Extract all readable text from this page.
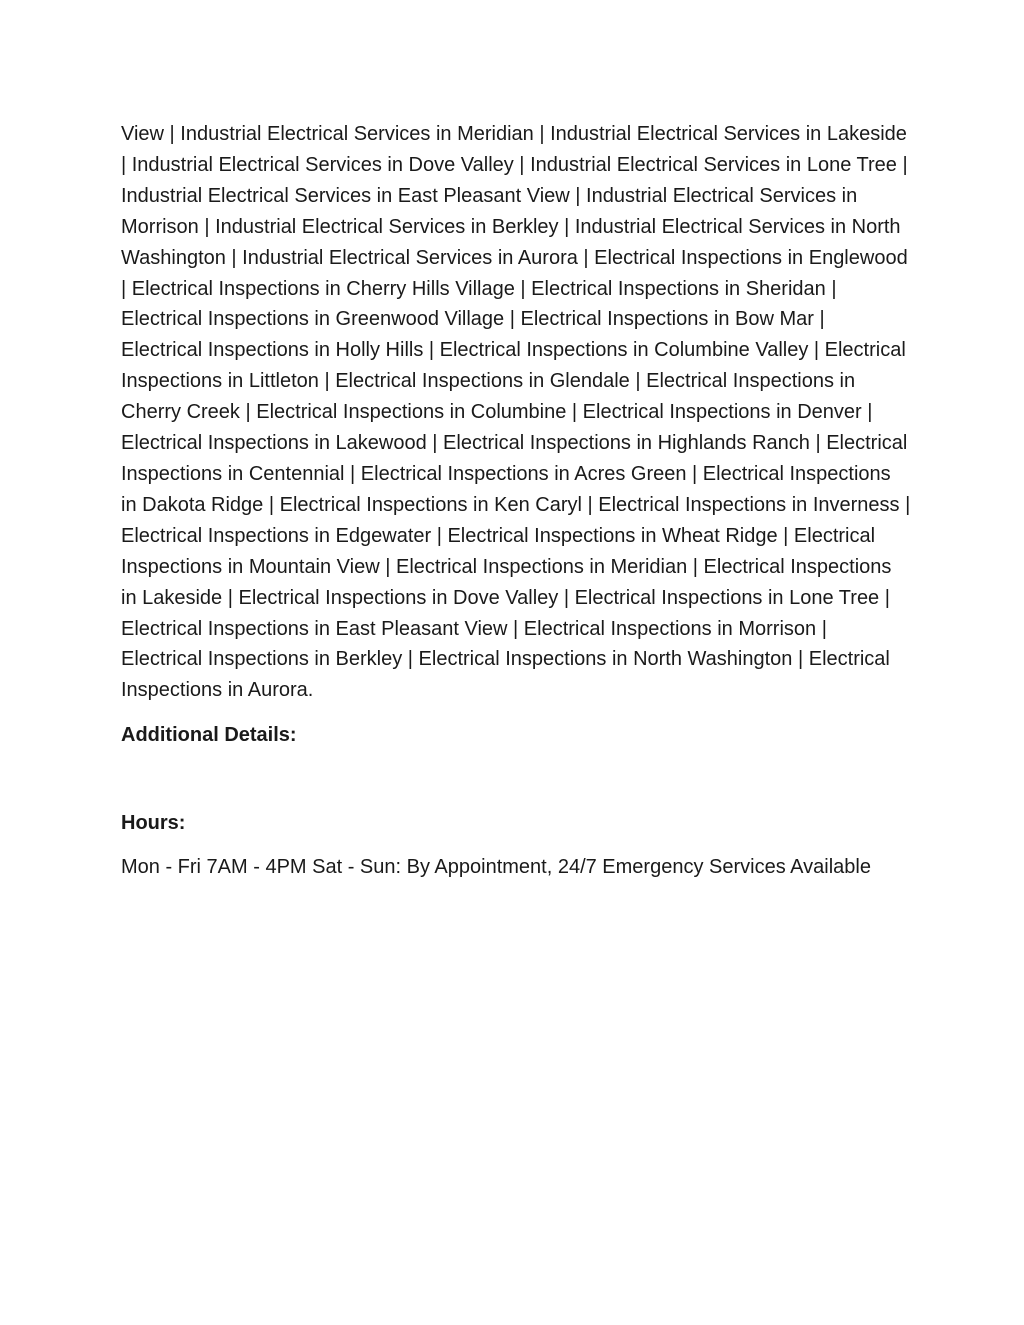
View | Industrial Electrical Services in Meridian | Industrial Electrical Services in Lakeside | Industrial Electrical Services in Dove Valley | Industrial Electrical Services in Lone Tree | Industrial Electrical Services in East Pleasant View | Industrial Electrical Services in Morrison | Industrial Electrical Services in Berkley | Industrial Electrical Services in North Washington | Industrial Electrical Services in Aurora | Electrical Inspections in Englewood | Electrical Inspections in Cherry Hills Village | Electrical Inspections in Sheridan | Electrical Inspections in Greenwood Village | Electrical Inspections in Bow Mar | Electrical Inspections in Holly Hills | Electrical Inspections in Columbine Valley | Electrical Inspections in Littleton | Electrical Inspections in Glendale | Electrical Inspections in Cherry Creek | Electrical Inspections in Columbine | Electrical Inspections in Denver | Electrical Inspections in Lakewood | Electrical Inspections in Highlands Ranch | Electrical Inspections in Centennial | Electrical Inspections in Acres Green | Electrical Inspections in Dakota Ridge | Electrical Inspections in Ken Caryl | Electrical Inspections in Inverness | Electrical Inspections in Edgewater | Electrical Inspections in Wheat Ridge | Electrical Inspections in Mountain View | Electrical Inspections in Meridian | Electrical Inspections in Lakeside | Electrical Inspections in Dove Valley | Electrical Inspections in Lone Tree | Electrical Inspections in East Pleasant View | Electrical Inspections in Morrison | Electrical Inspections in Berkley | Electrical Inspections in North Washington | Electrical Inspections in Aurora.

Additional Details:

Hours:

Mon - Fri 7AM - 4PM Sat - Sun: By Appointment, 24/7 Emergency Services Available
